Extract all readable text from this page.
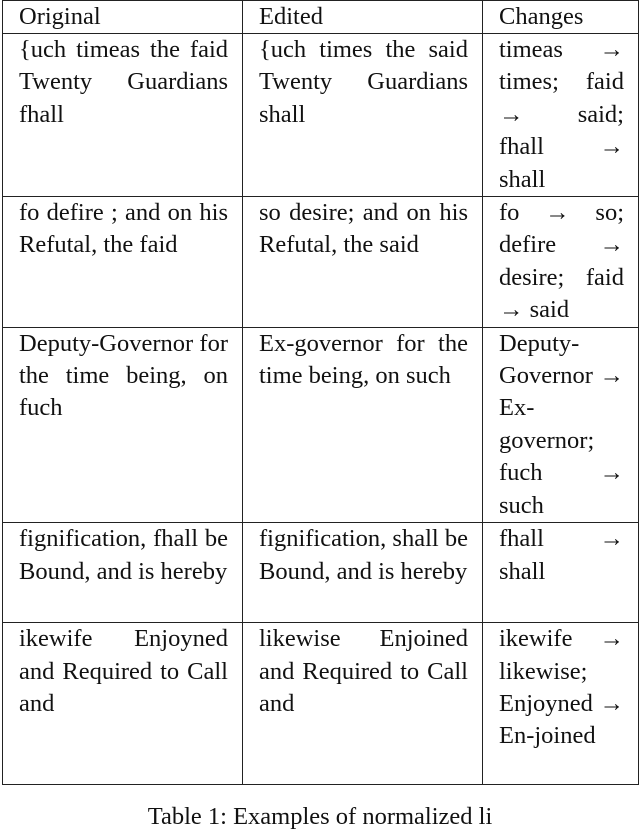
Original	Edited	Changes
{uch timeas the faid Twenty Guardians fhall	{uch times the said Twenty Guardians shall	timeas → times; faid → said; fhall → shall
fo defire ; and on his Refutal, the faid	so desire; and on his Refutal, the said	fo → so; defire → desire; faid → said
Deputy-Governor for the time being, on fuch	Ex-governor for the time being, on such	Deputy-Governor → Ex-governor; fuch → such
fignification, fhall be Bound, and is hereby	fignification, shall be Bound, and is hereby	fhall → shall
ikewife Enjoyned and Required to Call and	likewise Enjoined and Required to Call and	ikewife → likewise; Enjoyned → En-joined
Table 1: Examples of normalized li
